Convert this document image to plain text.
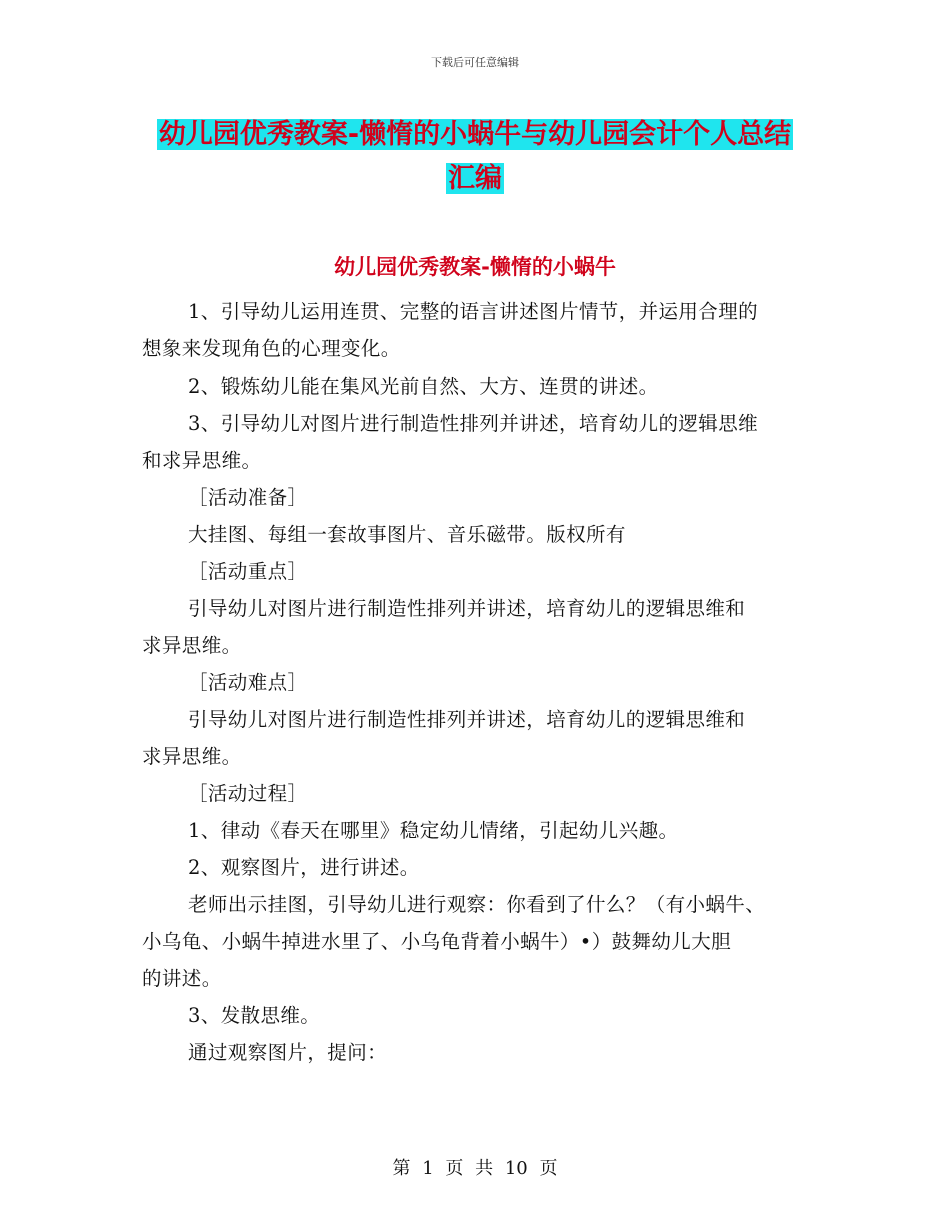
下载后可任意编辑
幼儿园优秀教案-懒惰的小蜗牛与幼儿园会计个人总结
汇编
幼儿园优秀教案-懒惰的小蜗牛
1、引导幼儿运用连贯、完整的语言讲述图片情节，并运用合理的
想象来发现角色的心理变化。
2、锻炼幼儿能在集风光前自然、大方、连贯的讲述。
3、引导幼儿对图片进行制造性排列并讲述，培育幼儿的逻辑思维
和求异思维。
［活动准备］
大挂图、每组一套故事图片、音乐磁带。版权所有
［活动重点］
引导幼儿对图片进行制造性排列并讲述，培育幼儿的逻辑思维和
求异思维。
［活动难点］
引导幼儿对图片进行制造性排列并讲述，培育幼儿的逻辑思维和
求异思维。
［活动过程］
1、律动《春天在哪里》稳定幼儿情绪，引起幼儿兴趣。
2、观察图片，进行讲述。
老师出示挂图，引导幼儿进行观察：你看到了什么？（有小蜗牛、
小乌龟、小蜗牛掉进水里了、小乌龟背着小蜗牛）•）鼓舞幼儿大胆
的讲述。
3、发散思维。
通过观察图片，提问：
第 1 页 共 10 页
